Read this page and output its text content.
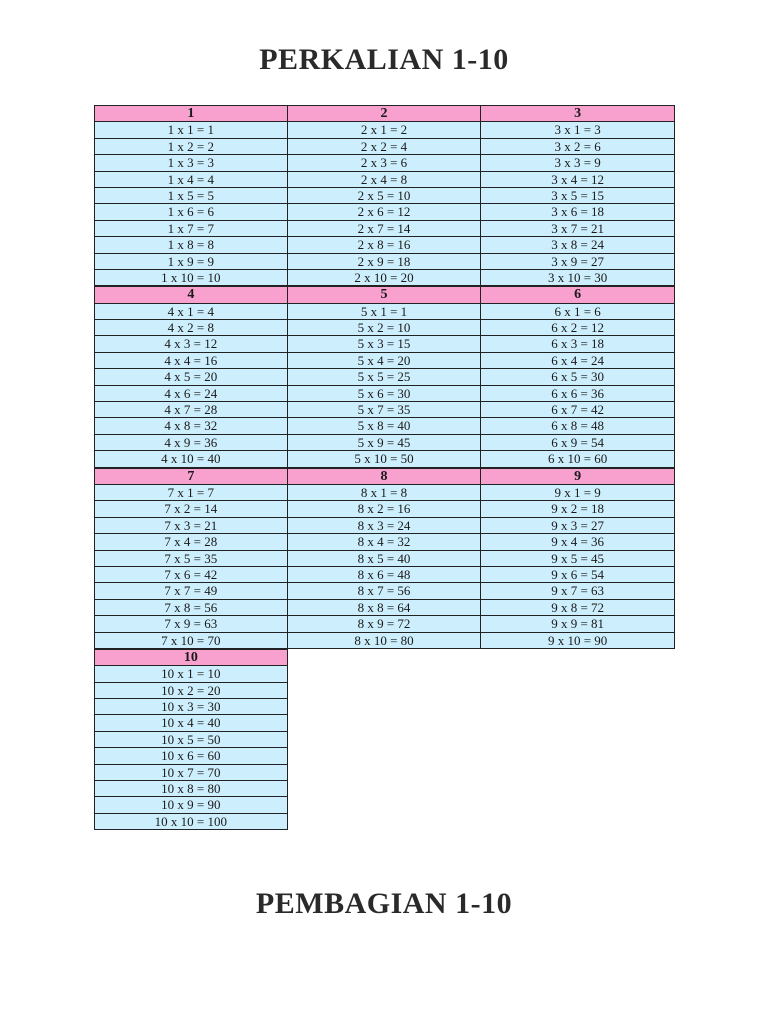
PERKALIAN 1-10
1
1 x 1 = 1
1 x 2 = 2
1 x 3 = 3
1 x 4 = 4
1 x 5 = 5
1 x 6 = 6
1 x 7 = 7
1 x 8 = 8
1 x 9 = 9
1 x 10 = 10
2
2 x 1 = 2
2 x 2 = 4
2 x 3 = 6
2 x 4 = 8
2 x 5 = 10
2 x 6 = 12
2 x 7 = 14
2 x 8 = 16
2 x 9 = 18
2 x 10 = 20
3
3 x 1 = 3
3 x 2 = 6
3 x 3 = 9
3 x 4 = 12
3 x 5 = 15
3 x 6 = 18
3 x 7 = 21
3 x 8 = 24
3 x 9 = 27
3 x 10 = 30
4
4 x 1 = 4
4 x 2 = 8
4 x 3 = 12
4 x 4 = 16
4 x 5 = 20
4 x 6 = 24
4 x 7 = 28
4 x 8 = 32
4 x 9 = 36
4 x 10 = 40
5
5 x 1 = 1
5 x 2 = 10
5 x 3 = 15
5 x 4 = 20
5 x 5 = 25
5 x 6 = 30
5 x 7 = 35
5 x 8 = 40
5 x 9 = 45
5 x 10 = 50
6
6 x 1 = 6
6 x 2 = 12
6 x 3 = 18
6 x 4 = 24
6 x 5 = 30
6 x 6 = 36
6 x 7 = 42
6 x 8 = 48
6 x 9 = 54
6 x 10 = 60
7
7 x 1 = 7
7 x 2 = 14
7 x 3 = 21
7 x 4 = 28
7 x 5 = 35
7 x 6 = 42
7 x 7 = 49
7 x 8 = 56
7 x 9 = 63
7 x 10 = 70
8
8 x 1 = 8
8 x 2 = 16
8 x 3 = 24
8 x 4 = 32
8 x 5 = 40
8 x 6 = 48
8 x 7 = 56
8 x 8 = 64
8 x 9 = 72
8 x 10 = 80
9
9 x 1 = 9
9 x 2 = 18
9 x 3 = 27
9 x 4 = 36
9 x 5 = 45
9 x 6 = 54
9 x 7 = 63
9 x 8 = 72
9 x 9 = 81
9 x 10 = 90
10
10 x 1 = 10
10 x 2 = 20
10 x 3 = 30
10 x 4 = 40
10 x 5 = 50
10 x 6 = 60
10 x 7 = 70
10 x 8 = 80
10 x 9 = 90
10 x 10 = 100
PEMBAGIAN 1-10
